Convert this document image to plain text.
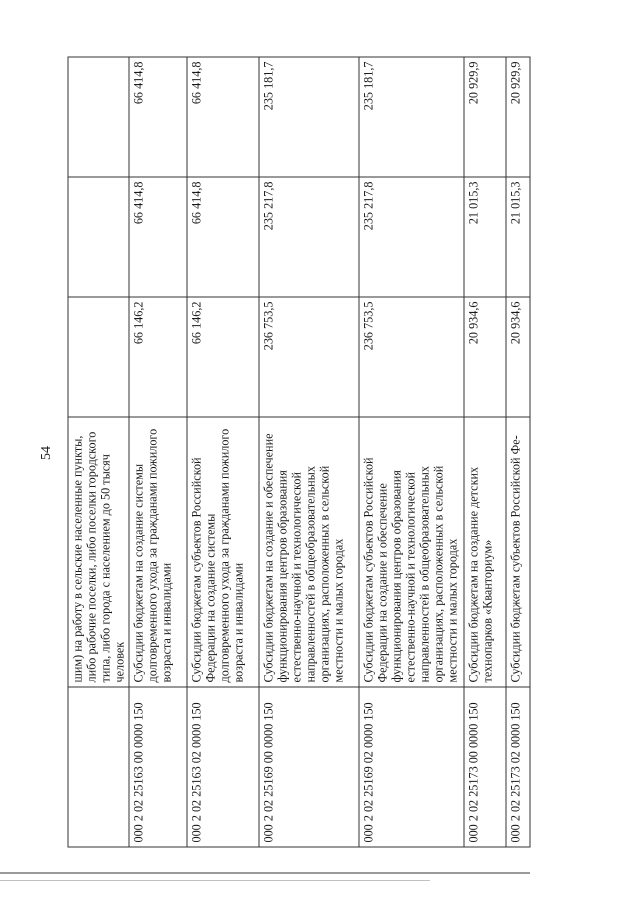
54
	шим) на работу в сельские населенные пункты, либо рабочие поселки, либо поселки городского типа, либо города с населением до 50 тысяч человек			
000 2 02 25163 00 0000 150	Субсидии бюджетам на создание системы долговременного ухода за гражданами пожилого возраста и инвалидами	66 146,2	66 414,8	66 414,8
000 2 02 25163 02 0000 150	Субсидии бюджетам субъектов Российской Федерации на создание системы долговременного ухода за гражданами пожилого возраста и инвалидами	66 146,2	66 414,8	66 414,8
000 2 02 25169 00 0000 150	Субсидии бюджетам на создание и обеспечение функционирования центров образования естественно-научной и технологической направленностей в общеобразовательных организациях, расположенных в сельской местности и малых городах	236 753,5	235 217,8	235 181,7
000 2 02 25169 02 0000 150	Субсидии бюджетам субъектов Российской Федерации на создание и обеспечение функционирования центров образования естественно-научной и технологической направленностей в общеобразовательных организациях, расположенных в сельской местности и малых городах	236 753,5	235 217,8	235 181,7
000 2 02 25173 00 0000 150	Субсидии бюджетам на создание детских технопарков «Кванториум»	20 934,6	21 015,3	20 929,9
000 2 02 25173 02 0000 150	Субсидии бюджетам субъектов Российской Фе-	20 934,6	21 015,3	20 929,9
